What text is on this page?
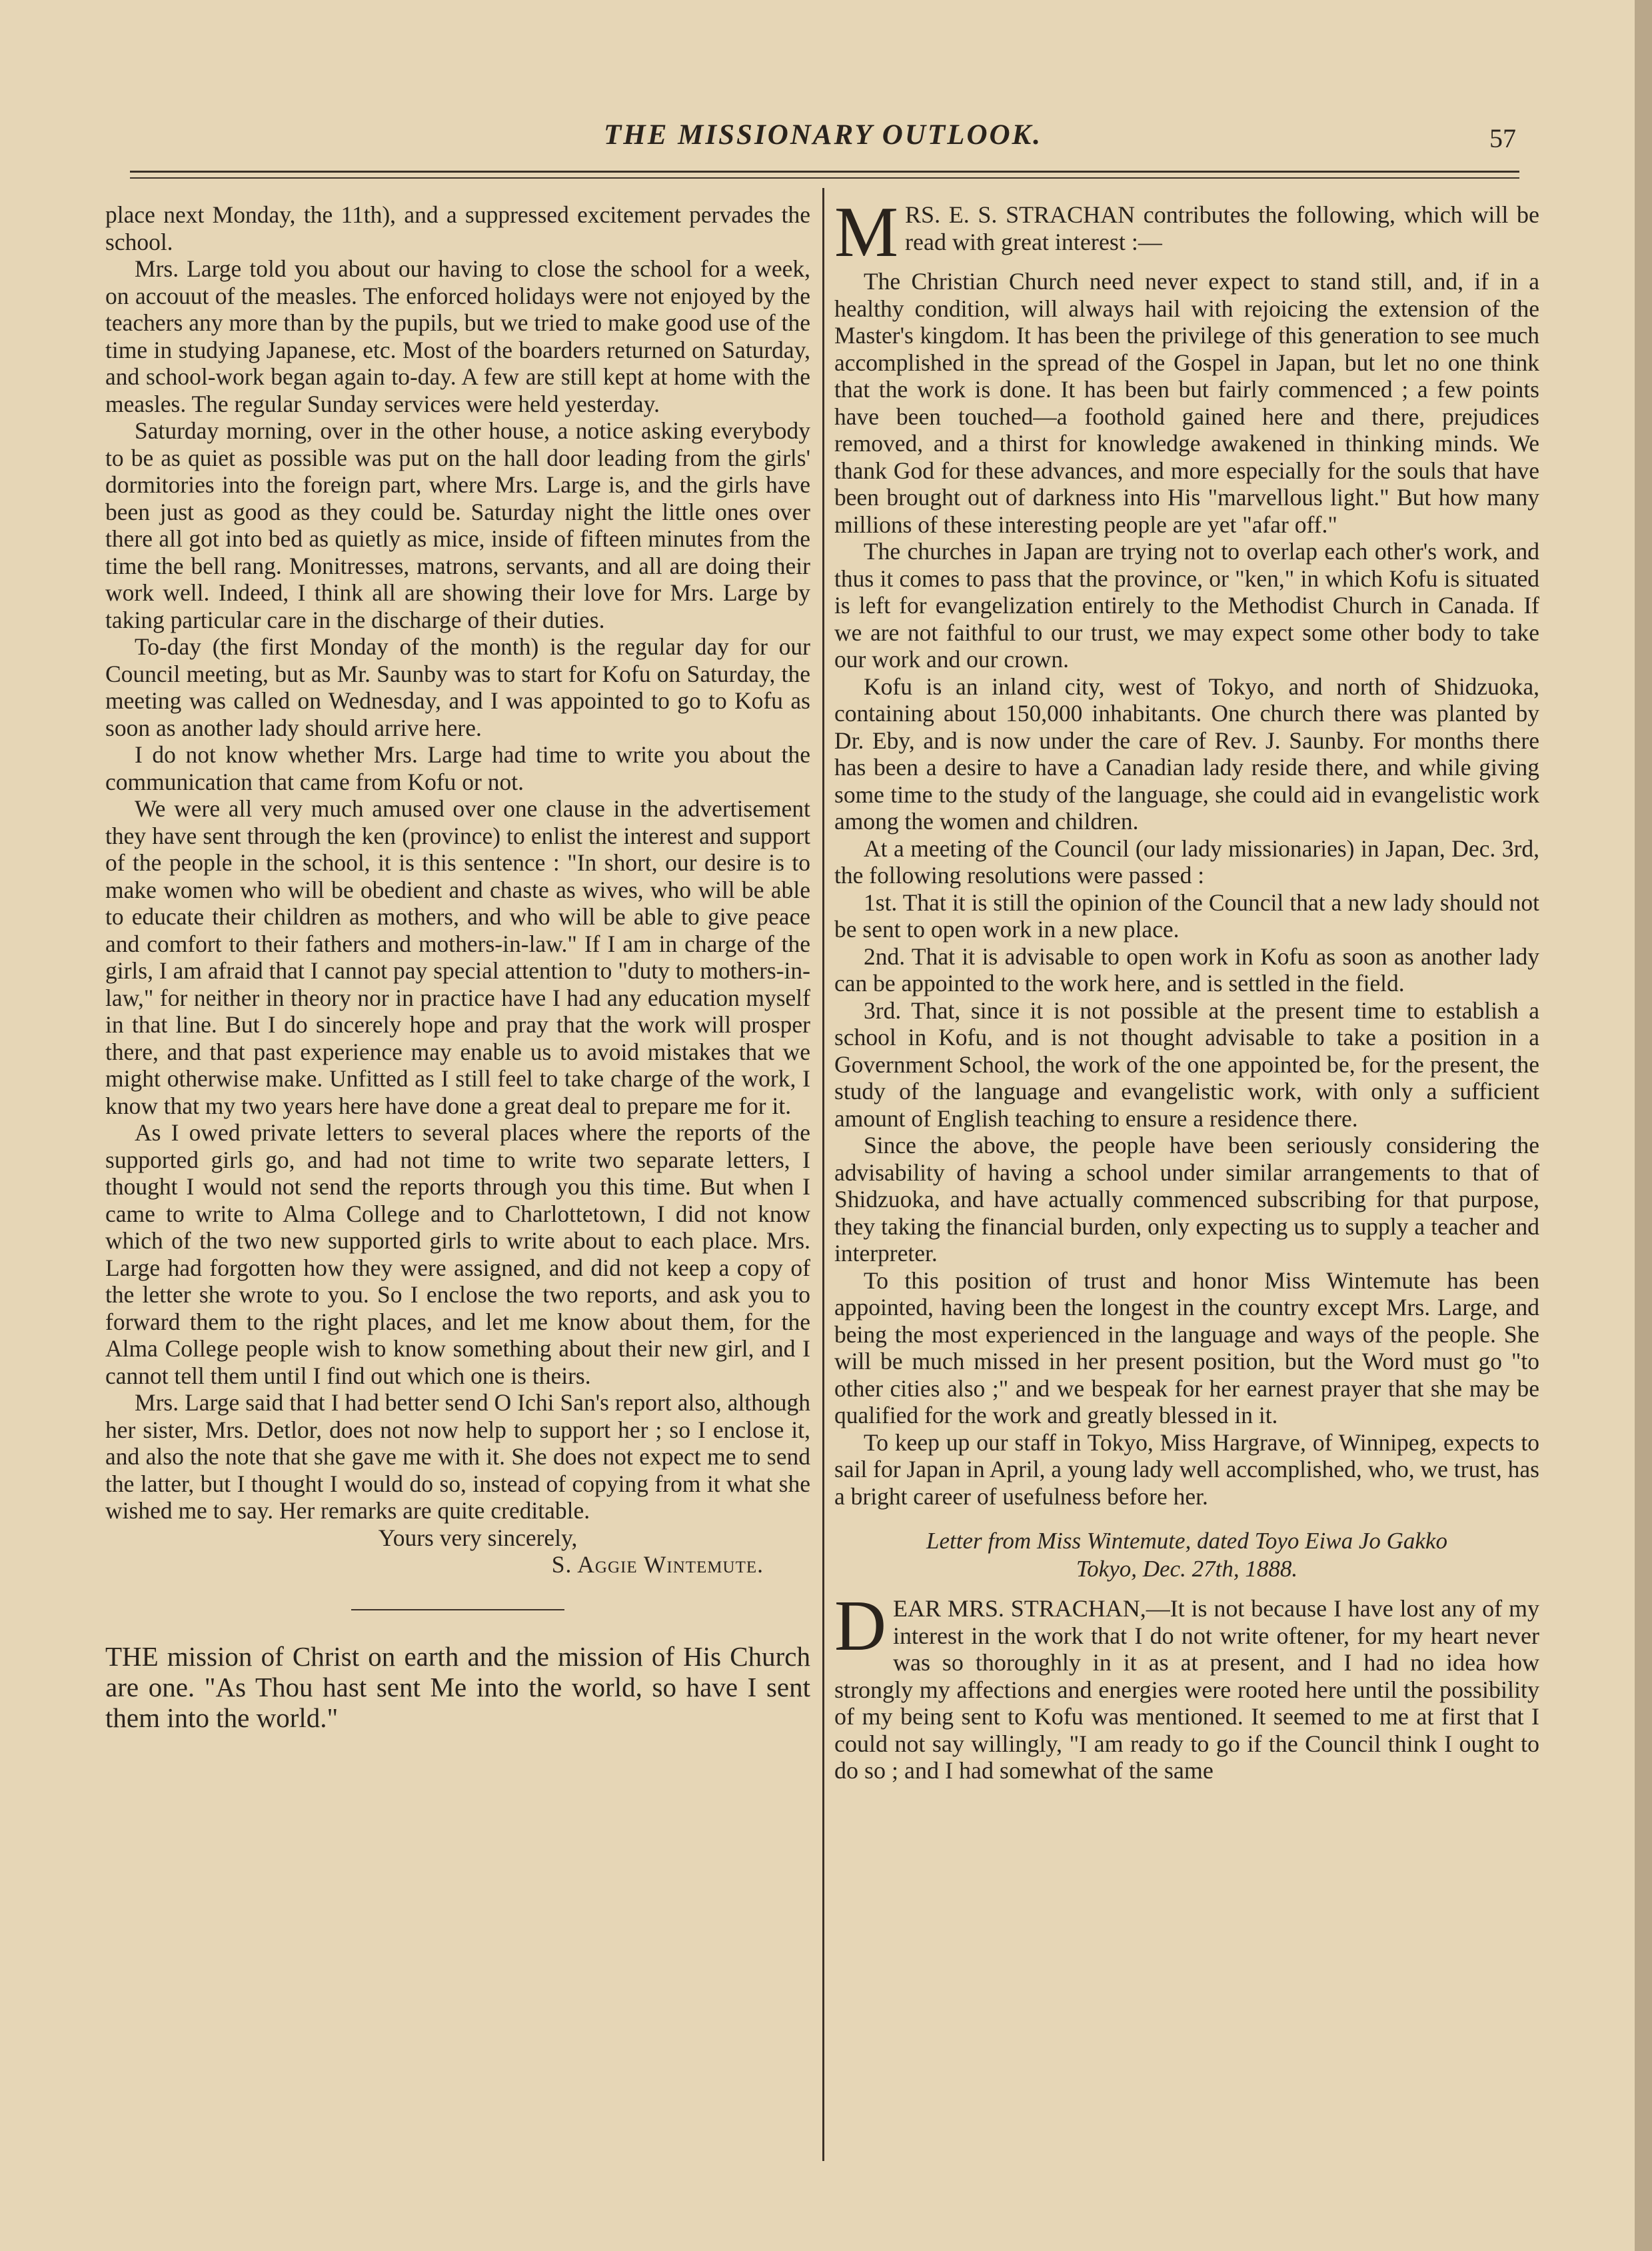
THE MISSIONARY OUTLOOK.	57

place next Monday, the 11th), and a suppressed excitement pervades the school.

Mrs. Large told you about our having to close the school for a week, on accouut of the measles. The enforced holidays were not enjoyed by the teachers any more than by the pupils, but we tried to make good use of the time in studying Japanese, etc. Most of the boarders returned on Saturday, and school-work began again to-day. A few are still kept at home with the measles. The regular Sunday services were held yesterday.

Saturday morning, over in the other house, a notice asking everybody to be as quiet as possible was put on the hall door leading from the girls' dormitories into the foreign part, where Mrs. Large is, and the girls have been just as good as they could be. Saturday night the little ones over there all got into bed as quietly as mice, inside of fifteen minutes from the time the bell rang. Monitresses, matrons, servants, and all are doing their work well. Indeed, I think all are showing their love for Mrs. Large by taking particular care in the discharge of their duties.

To-day (the first Monday of the month) is the regular day for our Council meeting, but as Mr. Saunby was to start for Kofu on Saturday, the meeting was called on Wednesday, and I was appointed to go to Kofu as soon as another lady should arrive here.

I do not know whether Mrs. Large had time to write you about the communication that came from Kofu or not.

We were all very much amused over one clause in the advertisement they have sent through the ken (province) to enlist the interest and support of the people in the school, it is this sentence : "In short, our desire is to make women who will be obedient and chaste as wives, who will be able to educate their children as mothers, and who will be able to give peace and comfort to their fathers and mothers-in-law." If I am in charge of the girls, I am afraid that I cannot pay special attention to "duty to mothers-in-law," for neither in theory nor in practice have I had any education myself in that line. But I do sincerely hope and pray that the work will prosper there, and that past experience may enable us to avoid mistakes that we might otherwise make. Unfitted as I still feel to take charge of the work, I know that my two years here have done a great deal to prepare me for it.

As I owed private letters to several places where the reports of the supported girls go, and had not time to write two separate letters, I thought I would not send the reports through you this time. But when I came to write to Alma College and to Charlottetown, I did not know which of the two new supported girls to write about to each place. Mrs. Large had forgotten how they were assigned, and did not keep a copy of the letter she wrote to you. So I enclose the two reports, and ask you to forward them to the right places, and let me know about them, for the Alma College people wish to know something about their new girl, and I cannot tell them until I find out which one is theirs.

Mrs. Large said that I had better send O Ichi San's report also, although her sister, Mrs. Detlor, does not now help to support her ; so I enclose it, and also the note that she gave me with it. She does not expect me to send the latter, but I thought I would do so, instead of copying from it what she wished me to say. Her remarks are quite creditable.

Yours very sincerely,

S. Aggie Wintemute.

THE mission of Christ on earth and the mission of His Church are one. "As Thou hast sent Me into the world, so have I sent them into the world."

MRS. E. S. STRACHAN contributes the following, which will be read with great interest :—

The Christian Church need never expect to stand still, and, if in a healthy condition, will always hail with rejoicing the extension of the Master's kingdom. It has been the privilege of this generation to see much accomplished in the spread of the Gospel in Japan, but let no one think that the work is done. It has been but fairly commenced ; a few points have been touched—a foothold gained here and there, prejudices removed, and a thirst for knowledge awakened in thinking minds. We thank God for these advances, and more especially for the souls that have been brought out of darkness into His "marvellous light." But how many millions of these interesting people are yet "afar off."

The churches in Japan are trying not to overlap each other's work, and thus it comes to pass that the province, or "ken," in which Kofu is situated is left for evangelization entirely to the Methodist Church in Canada. If we are not faithful to our trust, we may expect some other body to take our work and our crown.

Kofu is an inland city, west of Tokyo, and north of Shidzuoka, containing about 150,000 inhabitants. One church there was planted by Dr. Eby, and is now under the care of Rev. J. Saunby. For months there has been a desire to have a Canadian lady reside there, and while giving some time to the study of the language, she could aid in evangelistic work among the women and children.

At a meeting of the Council (our lady missionaries) in Japan, Dec. 3rd, the following resolutions were passed :

1st. That it is still the opinion of the Council that a new lady should not be sent to open work in a new place.

2nd. That it is advisable to open work in Kofu as soon as another lady can be appointed to the work here, and is settled in the field.

3rd. That, since it is not possible at the present time to establish a school in Kofu, and is not thought advisable to take a position in a Government School, the work of the one appointed be, for the present, the study of the language and evangelistic work, with only a sufficient amount of English teaching to ensure a residence there.

Since the above, the people have been seriously considering the advisability of having a school under similar arrangements to that of Shidzuoka, and have actually commenced subscribing for that purpose, they taking the financial burden, only expecting us to supply a teacher and interpreter.

To this position of trust and honor Miss Wintemute has been appointed, having been the longest in the country except Mrs. Large, and being the most experienced in the language and ways of the people. She will be much missed in her present position, but the Word must go "to other cities also ;" and we bespeak for her earnest prayer that she may be qualified for the work and greatly blessed in it.

To keep up our staff in Tokyo, Miss Hargrave, of Winnipeg, expects to sail for Japan in April, a young lady well accomplished, who, we trust, has a bright career of usefulness before her.

Letter from Miss Wintemute, dated Toyo Eiwa Jo Gakko
Tokyo, Dec. 27th, 1888.

DEAR MRS. STRACHAN,—It is not because I have lost any of my interest in the work that I do not write oftener, for my heart never was so thoroughly in it as at present, and I had no idea how strongly my affections and energies were rooted here until the possibility of my being sent to Kofu was mentioned. It seemed to me at first that I could not say willingly, "I am ready to go if the Council think I ought to do so ; and I had somewhat of the same
